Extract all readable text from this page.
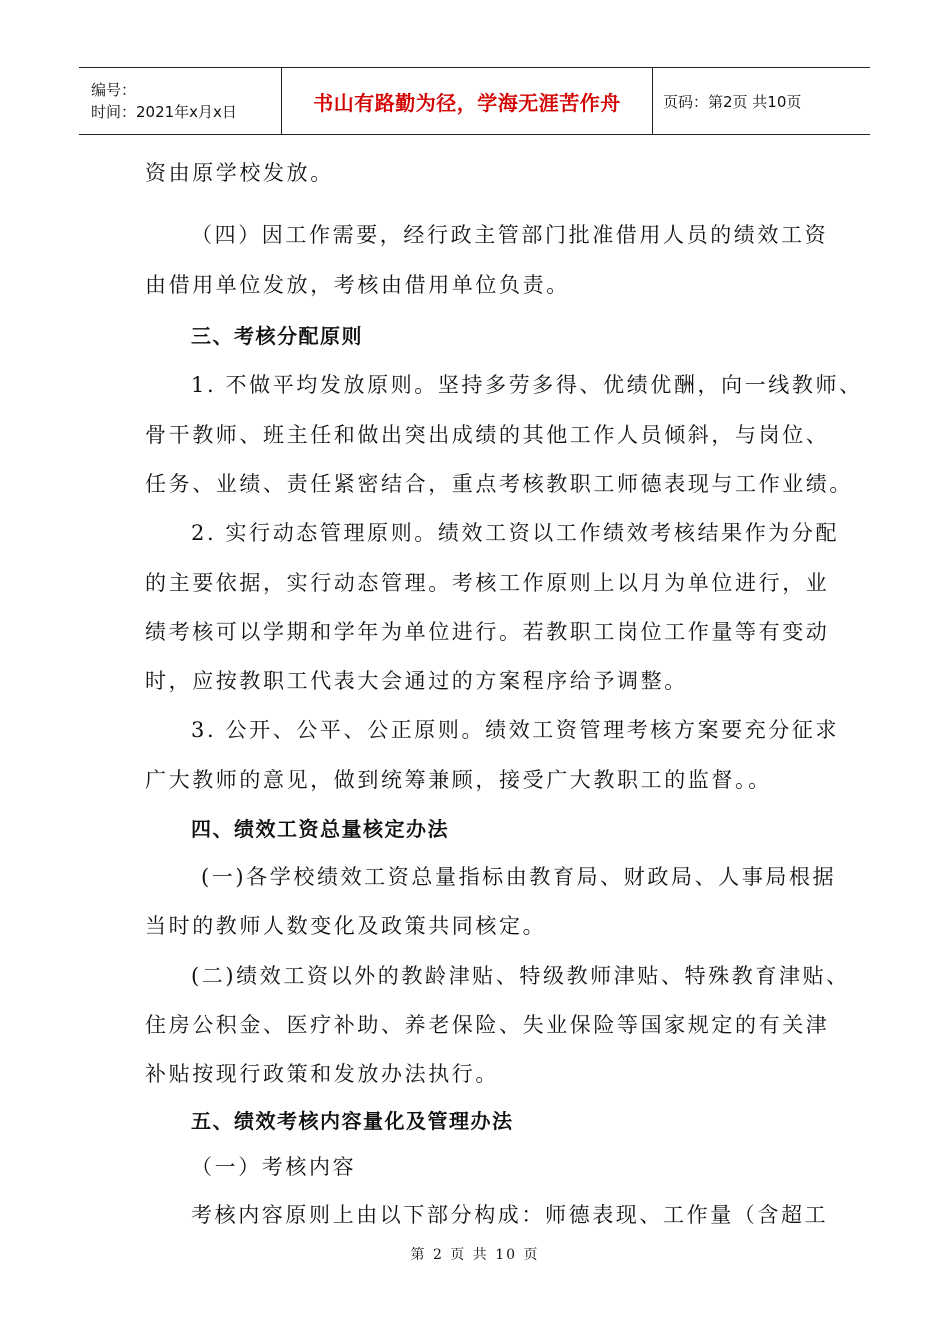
编号：
时间：2021年x月x日	书山有路勤为径，学海无涯苦作舟	页码：第2页 共10页
资由原学校发放。
（四）因工作需要，经行政主管部门批准借用人员的绩效工资
由借用单位发放，考核由借用单位负责。
三、考核分配原则
1. 不做平均发放原则。坚持多劳多得、优绩优酬，向一线教师、
骨干教师、班主任和做出突出成绩的其他工作人员倾斜，与岗位、
任务、业绩、责任紧密结合，重点考核教职工师德表现与工作业绩。
2. 实行动态管理原则。绩效工资以工作绩效考核结果作为分配
的主要依据，实行动态管理。考核工作原则上以月为单位进行，业
绩考核可以学期和学年为单位进行。若教职工岗位工作量等有变动
时，应按教职工代表大会通过的方案程序给予调整。
3. 公开、公平、公正原则。绩效工资管理考核方案要充分征求
广大教师的意见，做到统筹兼顾，接受广大教职工的监督。。
四、绩效工资总量核定办法
(一)各学校绩效工资总量指标由教育局、财政局、人事局根据
当时的教师人数变化及政策共同核定。
(二)绩效工资以外的教龄津贴、特级教师津贴、特殊教育津贴、
住房公积金、医疗补助、养老保险、失业保险等国家规定的有关津
补贴按现行政策和发放办法执行。
五、绩效考核内容量化及管理办法
（一）考核内容
考核内容原则上由以下部分构成：师德表现、工作量（含超工
第 2 页 共 10 页
